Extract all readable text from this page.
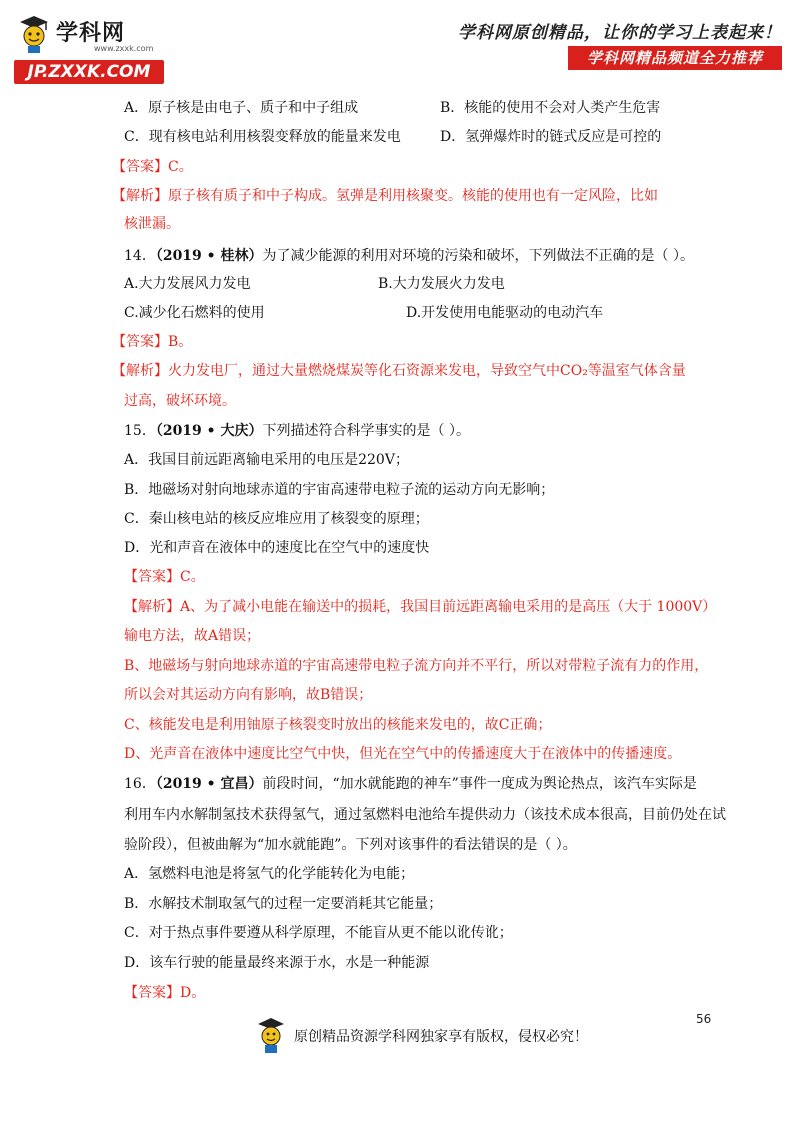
学科网
www.zxxk.com
JP.ZXXK.COM
学科网原创精品，让你的学习上表起来！
学科网精品频道全力推荐
A．原子核是由电子、质子和中子组成	B．核能的使用不会对人类产生危害
C．现有核电站利用核裂变释放的能量来发电	D．氢弹爆炸时的链式反应是可控的
【答案】C。
【解析】原子核有质子和中子构成。氢弹是利用核聚变。核能的使用也有一定风险，比如
核泄漏。
14．（2019 • 桂林）为了减少能源的利用对环境的污染和破坏，下列做法不正确的是（ ）。
A.大力发展风力发电	B.大力发展火力发电
C.减少化石燃料的使用	D.开发使用电能驱动的电动汽车
【答案】B。
【解析】火力发电厂，通过大量燃烧煤炭等化石资源来发电，导致空气中CO₂等温室气体含量
过高，破坏环境。
15．（2019 • 大庆）下列描述符合科学事实的是（ ）。
A．我国目前远距离输电采用的电压是220V；
B．地磁场对射向地球赤道的宇宙高速带电粒子流的运动方向无影响；
C．秦山核电站的核反应堆应用了核裂变的原理；
D．光和声音在液体中的速度比在空气中的速度快
【答案】C。
【解析】A、为了减小电能在输送中的损耗，我国目前远距离输电采用的是高压（大于 1000V）
输电方法，故A错误；
B、地磁场与射向地球赤道的宇宙高速带电粒子流方向并不平行，所以对带粒子流有力的作用，
所以会对其运动方向有影响，故B错误；
C、核能发电是利用铀原子核裂变时放出的核能来发电的，故C正确；
D、光声音在液体中速度比空气中快，但光在空气中的传播速度大于在液体中的传播速度。
16．（2019 • 宜昌）前段时间，“加水就能跑的神车”事件一度成为舆论热点，该汽车实际是
利用车内水解制氢技术获得氢气，通过氢燃料电池给车提供动力（该技术成本很高，目前仍处在试
验阶段），但被曲解为“加水就能跑”。下列对该事件的看法错误的是（ ）。
A．氢燃料电池是将氢气的化学能转化为电能；
B．水解技术制取氢气的过程一定要消耗其它能量；
C．对于热点事件要遵从科学原理，不能盲从更不能以讹传讹；
D．该车行驶的能量最终来源于水，水是一种能源
【答案】D。
56
原创精品资源学科网独家享有版权，侵权必究！
